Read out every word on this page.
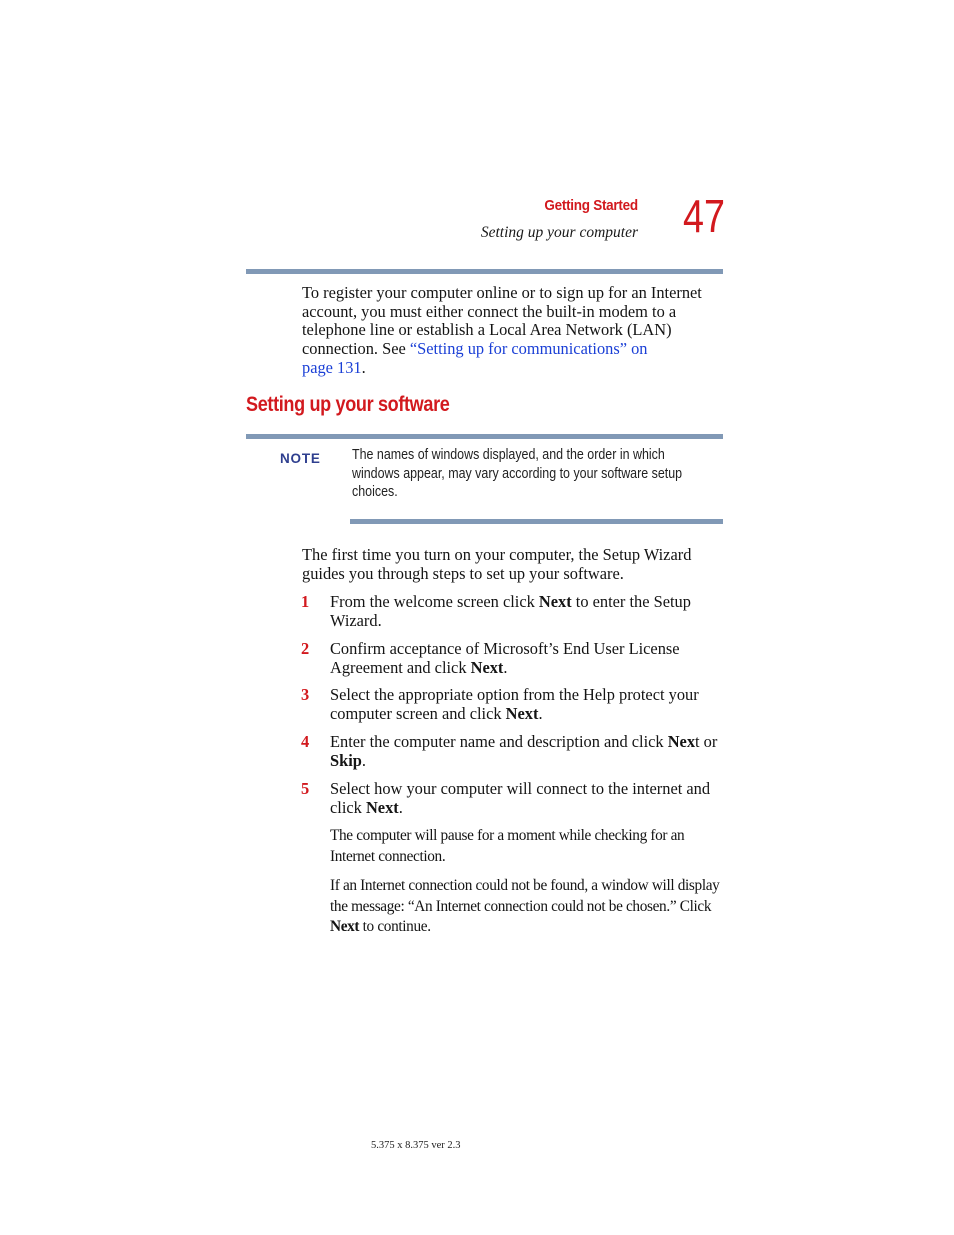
Getting Started
Setting up your computer 47
To register your computer online or to sign up for an Internet account, you must either connect the built-in modem to a telephone line or establish a Local Area Network (LAN) connection. See “Setting up for communications” on
page 131.
Setting up your software
NOTE The names of windows displayed, and the order in which windows appear, may vary according to your software setup choices.
The first time you turn on your computer, the Setup Wizard guides you through steps to set up your software.
1 From the welcome screen click Next to enter the Setup Wizard.
2 Confirm acceptance of Microsoft’s End User License Agreement and click Next.
3 Select the appropriate option from the Help protect your computer screen and click Next.
4 Enter the computer name and description and click Next or Skip.
5 Select how your computer will connect to the internet and click Next.
The computer will pause for a moment while checking for an Internet connection.
If an Internet connection could not be found, a window will display the message: “An Internet connection could not be chosen.” Click Next to continue.
5.375 x 8.375 ver 2.3
